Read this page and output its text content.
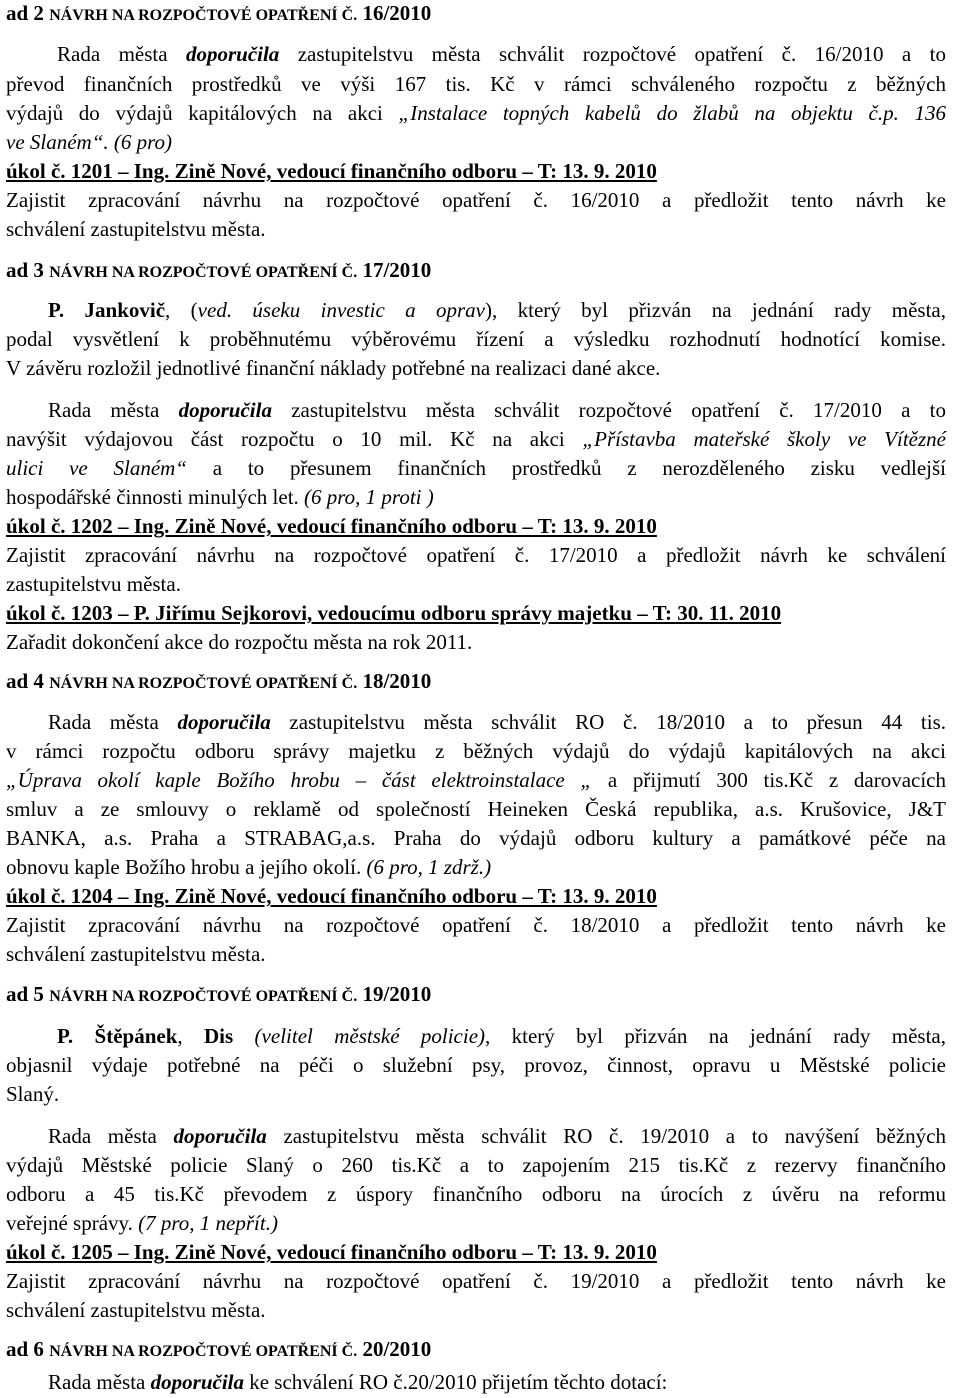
ad 2 NÁVRH NA ROZPOČTOVÉ OPATŘENÍ Č. 16/2010
Rada města doporučila zastupitelstvu města schválit rozpočtové opatření č. 16/2010 a to
převod finančních prostředků ve výši 167 tis. Kč v rámci schváleného rozpočtu z běžných
výdajů do výdajů kapitálových na akci „Instalace topných kabelů do žlabů na objektu č.p. 136
ve Slaném“. (6 pro)
úkol č. 1201 – Ing. Zině Nové, vedoucí finančního odboru – T: 13. 9. 2010
Zajistit zpracování návrhu na rozpočtové opatření č. 16/2010 a předložit tento návrh ke
schválení zastupitelstvu města.
ad 3 NÁVRH NA ROZPOČTOVÉ OPATŘENÍ Č. 17/2010
P. Jankovič, (ved. úseku investic a oprav), který byl přizván na jednání rady města,
podal vysvětlení k proběhnutému výběrovému řízení a výsledku rozhodnutí hodnotící komise.
V závěru rozložil jednotlivé finanční náklady potřebné na realizaci dané akce.
Rada města doporučila zastupitelstvu města schválit rozpočtové opatření č. 17/2010 a to
navýšit výdajovou část rozpočtu o 10 mil. Kč na akci „Přístavba mateřské školy ve Vítězné
ulici ve Slaném“ a to přesunem finančních prostředků z nerozděleného zisku vedlejší
hospodářské činnosti minulých let. (6 pro, 1 proti )
úkol č. 1202 – Ing. Zině Nové, vedoucí finančního odboru – T: 13. 9. 2010
Zajistit zpracování návrhu na rozpočtové opatření č. 17/2010 a předložit návrh ke schválení
zastupitelstvu města.
úkol č. 1203 – P. Jiřímu Sejkorovi, vedoucímu odboru správy majetku – T: 30. 11. 2010
Zařadit dokončení akce do rozpočtu města na rok 2011.
ad 4 NÁVRH NA ROZPOČTOVÉ OPATŘENÍ Č. 18/2010
Rada města doporučila zastupitelstvu města schválit RO č. 18/2010 a to přesun 44 tis.
v rámci rozpočtu odboru správy majetku z běžných výdajů do výdajů kapitálových na akci
„Úprava okolí kaple Božího hrobu – část elektroinstalace „ a přijmutí 300 tis.Kč z darovacích
smluv a ze smlouvy o reklamě od společností Heineken Česká republika, a.s. Krušovice, J&T
BANKA, a.s. Praha a STRABAG,a.s. Praha do výdajů odboru kultury a památkové péče na
obnovu kaple Božího hrobu a jejího okolí. (6 pro, 1 zdrž.)
úkol č. 1204 – Ing. Zině Nové, vedoucí finančního odboru – T: 13. 9. 2010
Zajistit zpracování návrhu na rozpočtové opatření č. 18/2010 a předložit tento návrh ke
schválení zastupitelstvu města.
ad 5 NÁVRH NA ROZPOČTOVÉ OPATŘENÍ Č. 19/2010
P. Štěpánek, Dis (velitel městské policie), který byl přizván na jednání rady města,
objasnil výdaje potřebné na péči o služební psy, provoz, činnost, opravu u Městské policie
Slaný.
Rada města doporučila zastupitelstvu města schválit RO č. 19/2010 a to navýšení běžných
výdajů Městské policie Slaný o 260 tis.Kč a to zapojením 215 tis.Kč z rezervy finančního
odboru a 45 tis.Kč převodem z úspory finančního odboru na úrocích z úvěru na reformu
veřejné správy. (7 pro, 1 nepřít.)
úkol č. 1205 – Ing. Zině Nové, vedoucí finančního odboru – T: 13. 9. 2010
Zajistit zpracování návrhu na rozpočtové opatření č. 19/2010 a předložit tento návrh ke
schválení zastupitelstvu města.
ad 6 NÁVRH NA ROZPOČTOVÉ OPATŘENÍ Č. 20/2010
Rada města doporučila ke schválení RO č.20/2010 přijetím těchto dotací:
